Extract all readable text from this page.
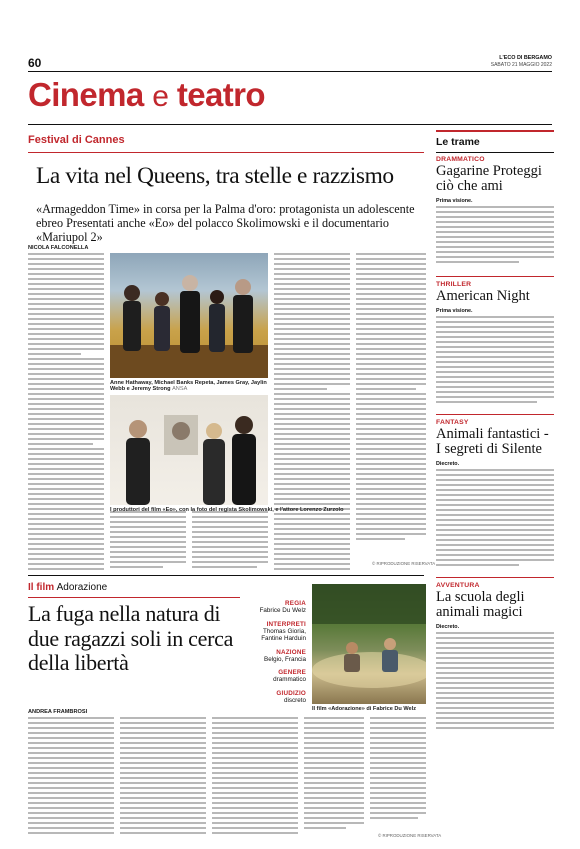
60	L'ECO DI BERGAMO
SABATO 21 MAGGIO 2022
Cinema e teatro
Festival di Cannes
La vita nel Queens, tra stelle e razzismo
«Armageddon Time» in corsa per la Palma d'oro: protagonista un adolescente ebreo Presentati anche «Eo» del polacco Skolimowski e il documentario «Mariupol 2»
NICOLA FALCONELLA
© RIPRODUZIONE RISERVATA
Anne Hathaway, Michael Banks Repeta, James Gray, Jaylin Webb e Jeremy Strong ANSA
I produttori del film «Eo», con la foto del regista Skolimowski, e l'attore Lorenzo Zurzolo
Il film Adorazione
La fuga nella natura di due ragazzi soli in cerca della libertà
ANDREA FRAMBROSI
© RIPRODUZIONE RISERVATA
REGIA
Fabrice Du Welz
INTERPRETI
Thomas Gioria, Fantine Harduin
NAZIONE
Belgio, Francia
GENERE
drammatico
GIUDIZIO
discreto
Il film «Adorazione» di Fabrice Du Welz
Le trame
DRAMMATICO
Gagarine Proteggi ciò che ami
Prima visione.
THRILLER
American Night
Prima visione.
FANTASY
Animali fantastici - I segreti di Silente
Diecreto.
AVVENTURA
La scuola degli animali magici
Diecreto.
